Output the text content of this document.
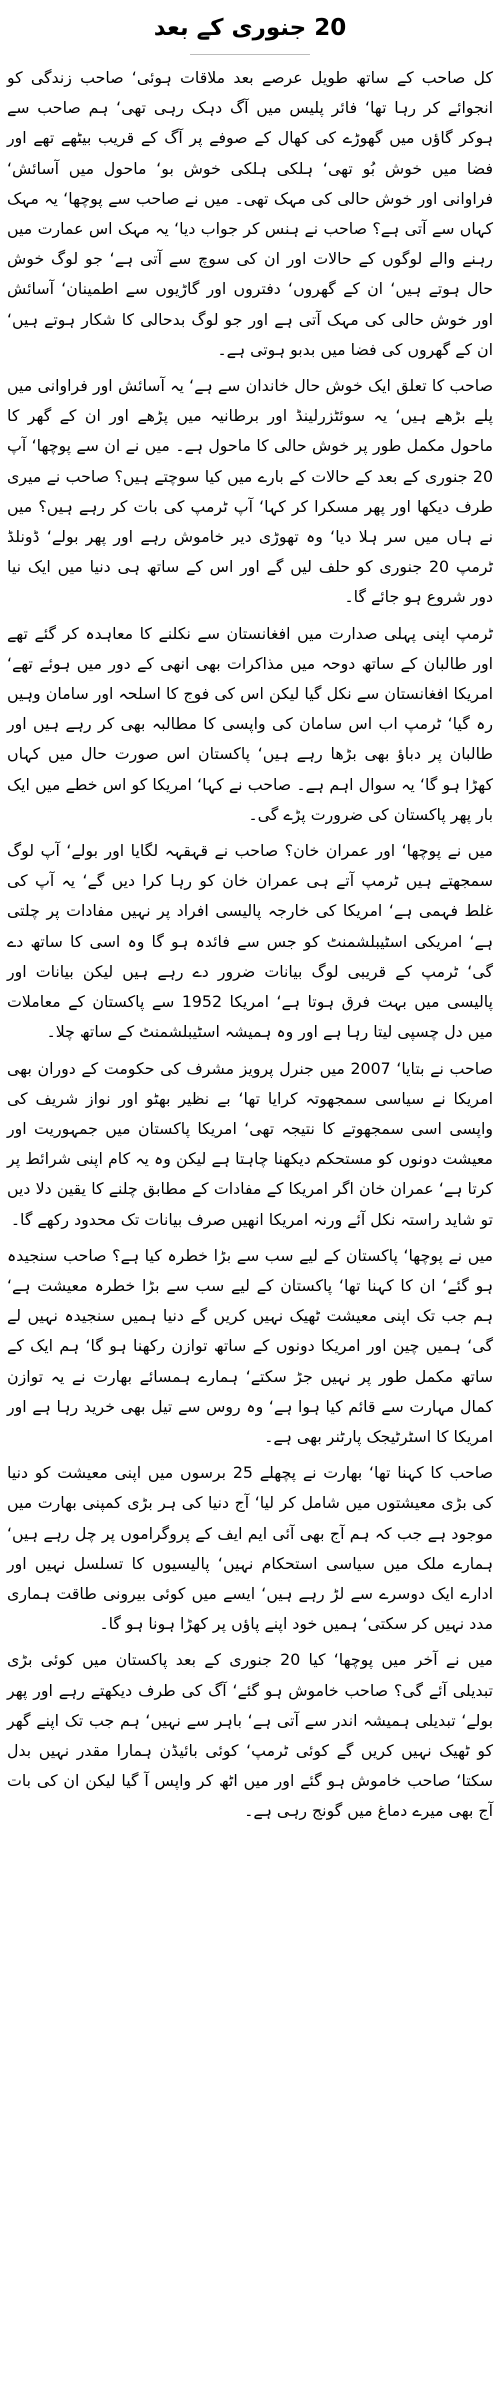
20 جنوری کے بعد

کل صاحب کے ساتھ طویل عرصے بعد ملاقات ہوئی‘ صاحب زندگی کو انجوائے کر رہا تھا‘ فائر پلیس میں آگ دہک رہی تھی‘ ہم صاحب سے ہوکر گاؤں میں گھوڑے کی کھال کے صوفے پر آگ کے قریب بیٹھے تھے اور فضا میں خوش بُو تھی‘ ہلکی ہلکی خوش بو‘ ماحول میں آسائش‘ فراوانی اور خوش حالی کی مہک تھی۔ میں نے صاحب سے پوچھا‘ یہ مہک کہاں سے آتی ہے؟ صاحب نے ہنس کر جواب دیا‘ یہ مہک اس عمارت میں رہنے والے لوگوں کے حالات اور ان کی سوچ سے آتی ہے‘ جو لوگ خوش حال ہوتے ہیں‘ ان کے گھروں‘ دفتروں اور گاڑیوں سے اطمینان‘ آسائش اور خوش حالی کی مہک آتی ہے اور جو لوگ بدحالی کا شکار ہوتے ہیں‘ ان کے گھروں کی فضا میں بدبو ہوتی ہے۔

صاحب کا تعلق ایک خوش حال خاندان سے ہے‘ یہ آسائش اور فراوانی میں پلے بڑھے ہیں‘ یہ سوئٹزرلینڈ اور برطانیہ میں پڑھے اور ان کے گھر کا ماحول مکمل طور پر خوش حالی کا ماحول ہے۔ میں نے ان سے پوچھا‘ آپ 20 جنوری کے بعد کے حالات کے بارے میں کیا سوچتے ہیں؟ صاحب نے میری طرف دیکھا اور پھر مسکرا کر کہا‘ آپ ٹرمپ کی بات کر رہے ہیں؟ میں نے ہاں میں سر ہلا دیا‘ وہ تھوڑی دیر خاموش رہے اور پھر بولے‘ ڈونلڈ ٹرمپ 20 جنوری کو حلف لیں گے اور اس کے ساتھ ہی دنیا میں ایک نیا دور شروع ہو جائے گا۔

ٹرمپ اپنی پہلی صدارت میں افغانستان سے نکلنے کا معاہدہ کر گئے تھے اور طالبان کے ساتھ دوحہ میں مذاکرات بھی انھی کے دور میں ہوئے تھے‘ امریکا افغانستان سے نکل گیا لیکن اس کی فوج کا اسلحہ اور سامان وہیں رہ گیا‘ ٹرمپ اب اس سامان کی واپسی کا مطالبہ بھی کر رہے ہیں اور طالبان پر دباؤ بھی بڑھا رہے ہیں‘ پاکستان اس صورت حال میں کہاں کھڑا ہو گا‘ یہ سوال اہم ہے۔ صاحب نے کہا‘ امریکا کو اس خطے میں ایک بار پھر پاکستان کی ضرورت پڑے گی۔

میں نے پوچھا‘ اور عمران خان؟ صاحب نے قہقہہ لگایا اور بولے‘ آپ لوگ سمجھتے ہیں ٹرمپ آتے ہی عمران خان کو رہا کرا دیں گے‘ یہ آپ کی غلط فہمی ہے‘ امریکا کی خارجہ پالیسی افراد پر نہیں مفادات پر چلتی ہے‘ امریکی اسٹیبلشمنٹ کو جس سے فائدہ ہو گا وہ اسی کا ساتھ دے گی‘ ٹرمپ کے قریبی لوگ بیانات ضرور دے رہے ہیں لیکن بیانات اور پالیسی میں بہت فرق ہوتا ہے‘ امریکا 1952 سے پاکستان کے معاملات میں دل چسپی لیتا رہا ہے اور وہ ہمیشہ اسٹیبلشمنٹ کے ساتھ چلا۔

صاحب نے بتایا‘ 2007 میں جنرل پرویز مشرف کی حکومت کے دوران بھی امریکا نے سیاسی سمجھوتہ کرایا تھا‘ بے نظیر بھٹو اور نواز شریف کی واپسی اسی سمجھوتے کا نتیجہ تھی‘ امریکا پاکستان میں جمہوریت اور معیشت دونوں کو مستحکم دیکھنا چاہتا ہے لیکن وہ یہ کام اپنی شرائط پر کرتا ہے‘ عمران خان اگر امریکا کے مفادات کے مطابق چلنے کا یقین دلا دیں تو شاید راستہ نکل آئے ورنہ امریکا انھیں صرف بیانات تک محدود رکھے گا۔

میں نے پوچھا‘ پاکستان کے لیے سب سے بڑا خطرہ کیا ہے؟ صاحب سنجیدہ ہو گئے‘ ان کا کہنا تھا‘ پاکستان کے لیے سب سے بڑا خطرہ معیشت ہے‘ ہم جب تک اپنی معیشت ٹھیک نہیں کریں گے دنیا ہمیں سنجیدہ نہیں لے گی‘ ہمیں چین اور امریکا دونوں کے ساتھ توازن رکھنا ہو گا‘ ہم ایک کے ساتھ مکمل طور پر نہیں جڑ سکتے‘ ہمارے ہمسائے بھارت نے یہ توازن کمال مہارت سے قائم کیا ہوا ہے‘ وہ روس سے تیل بھی خرید رہا ہے اور امریکا کا اسٹرٹیجک پارٹنر بھی ہے۔

صاحب کا کہنا تھا‘ بھارت نے پچھلے 25 برسوں میں اپنی معیشت کو دنیا کی بڑی معیشتوں میں شامل کر لیا‘ آج دنیا کی ہر بڑی کمپنی بھارت میں موجود ہے جب کہ ہم آج بھی آئی ایم ایف کے پروگراموں پر چل رہے ہیں‘ ہمارے ملک میں سیاسی استحکام نہیں‘ پالیسیوں کا تسلسل نہیں اور ادارے ایک دوسرے سے لڑ رہے ہیں‘ ایسے میں کوئی بیرونی طاقت ہماری مدد نہیں کر سکتی‘ ہمیں خود اپنے پاؤں پر کھڑا ہونا ہو گا۔

میں نے آخر میں پوچھا‘ کیا 20 جنوری کے بعد پاکستان میں کوئی بڑی تبدیلی آئے گی؟ صاحب خاموش ہو گئے‘ آگ کی طرف دیکھتے رہے اور پھر بولے‘ تبدیلی ہمیشہ اندر سے آتی ہے‘ باہر سے نہیں‘ ہم جب تک اپنے گھر کو ٹھیک نہیں کریں گے کوئی ٹرمپ‘ کوئی بائیڈن ہمارا مقدر نہیں بدل سکتا‘ صاحب خاموش ہو گئے اور میں اٹھ کر واپس آ گیا لیکن ان کی بات آج بھی میرے دماغ میں گونج رہی ہے۔
